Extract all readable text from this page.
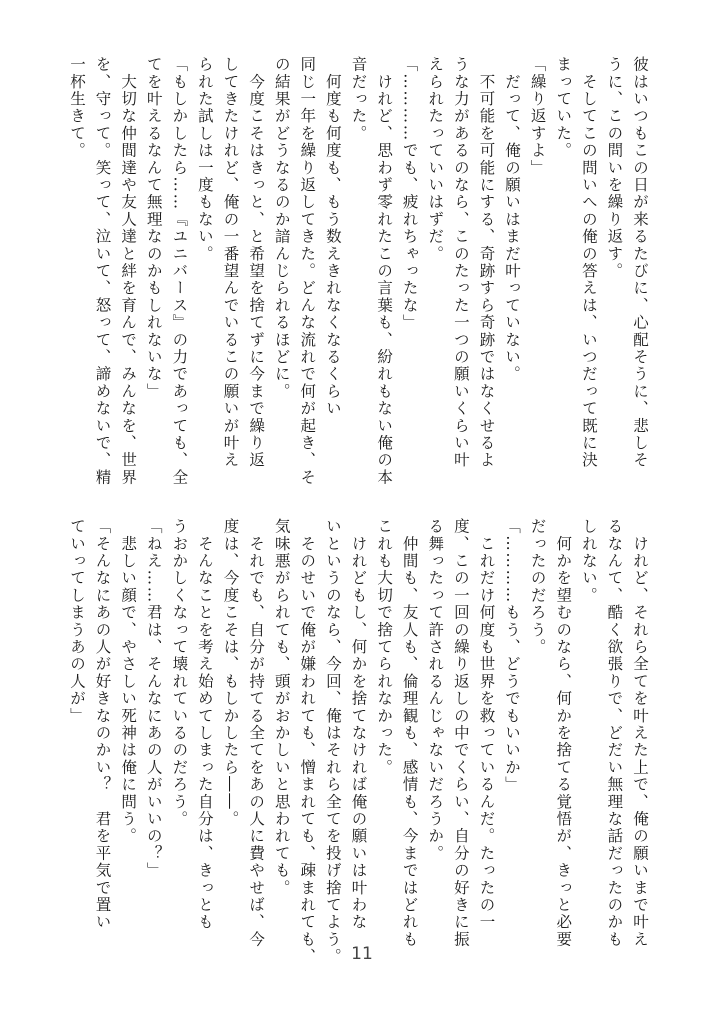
彼はいつもこの日が来るたびに、心配そうに、悲しそ
うに、この問いを繰り返す。
　そしてこの問いへの俺の答えは、いつだって既に決
まっていた。
「繰り返すよ」
　だって、俺の願いはまだ叶っていない。
　不可能を可能にする、奇跡すら奇跡ではなくせるよ
うな力があるのなら、このたった一つの願いくらい叶
えられたっていいはずだ。
「…………でも、疲れちゃったな」
　けれど、思わず零れたこの言葉も、紛れもない俺の本
音だった。
　何度も何度も、もう数えきれなくなるくらい
同じ一年を繰り返してきた。どんな流れで何が起き、そ
の結果がどうなるのか諳んじられるほどに。
　今度こそはきっと、と希望を捨てずに今まで繰り返
してきたけれど、俺の一番望んでいるこの願いが叶え
られた試しは一度もない。
「もしかしたら……『ユニバース』の力であっても、全
てを叶えるなんて無理なのかもしれないな」
　大切な仲間達や友人達と絆を育んで、みんなを、世界
を、守って。笑って、泣いて、怒って、諦めないで、精
一杯生きて。
　けれど、それら全てを叶えた上で、俺の願いまで叶え
るなんて、酷く欲張りで、どだい無理な話だったのかも
しれない。
　何かを望むのなら、何かを捨てる覚悟が、きっと必要
だったのだろう。
「…………もう、どうでもいいか」
　これだけ何度も世界を救っているんだ。たったの一
度、この一回の繰り返しの中でくらい、自分の好きに振
る舞ったって許されるんじゃないだろうか。
　仲間も、友人も、倫理観も、感情も、今まではどれも
これも大切で捨てられなかった。
　けれどもし、何かを捨てなければ俺の願いは叶わな
いというのなら、今回、俺はそれら全てを投げ捨てよう。
　そのせいで俺が嫌われても、憎まれても、疎まれても、
気味悪がられても、頭がおかしいと思われても。
　それでも、自分が持てる全てをあの人に費やせば、今
度は、今度こそは、もしかしたら――。
　そんなことを考え始めてしまった自分は、きっとも
うおかしくなって壊れているのだろう。
「ねえ……君は、そんなにあの人がいいの？」
　悲しい顔で、やさしい死神は俺に問う。
「そんなにあの人が好きなのかい？　君を平気で置い
ていってしまうあの人が」
11
